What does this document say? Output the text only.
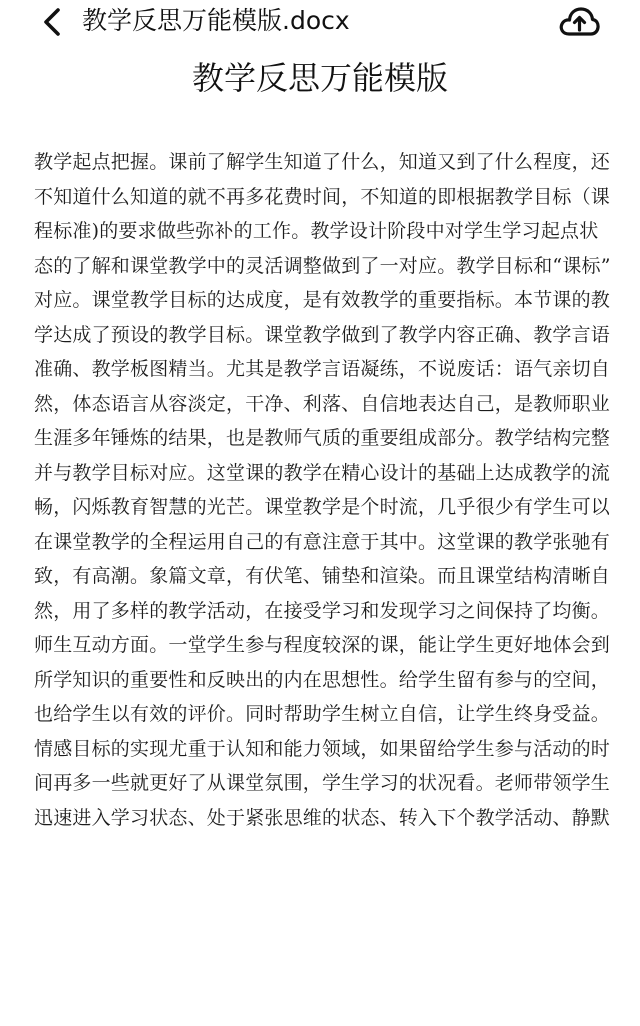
教学反思万能模版.docx
教学反思万能模版
教学起点把握。课前了解学生知道了什么，知道又到了什么程度，还
不知道什么知道的就不再多花费时间，不知道的即根据教学目标（课
程标准)的要求做些弥补的工作。教学设计阶段中对学生学习起点状
态的了解和课堂教学中的灵活调整做到了一对应。教学目标和“课标”
对应。课堂教学目标的达成度，是有效教学的重要指标。本节课的教
学达成了预设的教学目标。课堂教学做到了教学内容正确、教学言语
准确、教学板图精当。尤其是教学言语凝练，不说废话：语气亲切自
然，体态语言从容淡定，干净、利落、自信地表达自己，是教师职业
生涯多年锤炼的结果，也是教师气质的重要组成部分。教学结构完整
并与教学目标对应。这堂课的教学在精心设计的基础上达成教学的流
畅，闪烁教育智慧的光芒。课堂教学是个时流，几乎很少有学生可以
在课堂教学的全程运用自己的有意注意于其中。这堂课的教学张驰有
致，有高潮。象篇文章，有伏笔、铺垫和渲染。而且课堂结构清晰自
然，用了多样的教学活动，在接受学习和发现学习之间保持了均衡。
师生互动方面。一堂学生参与程度较深的课，能让学生更好地体会到
所学知识的重要性和反映出的内在思想性。给学生留有参与的空间，
也给学生以有效的评价。同时帮助学生树立自信，让学生终身受益。
情感目标的实现尤重于认知和能力领域，如果留给学生参与活动的时
间再多一些就更好了从课堂氛围，学生学习的状况看。老师带领学生
迅速进入学习状态、处于紧张思维的状态、转入下个教学活动、静默
